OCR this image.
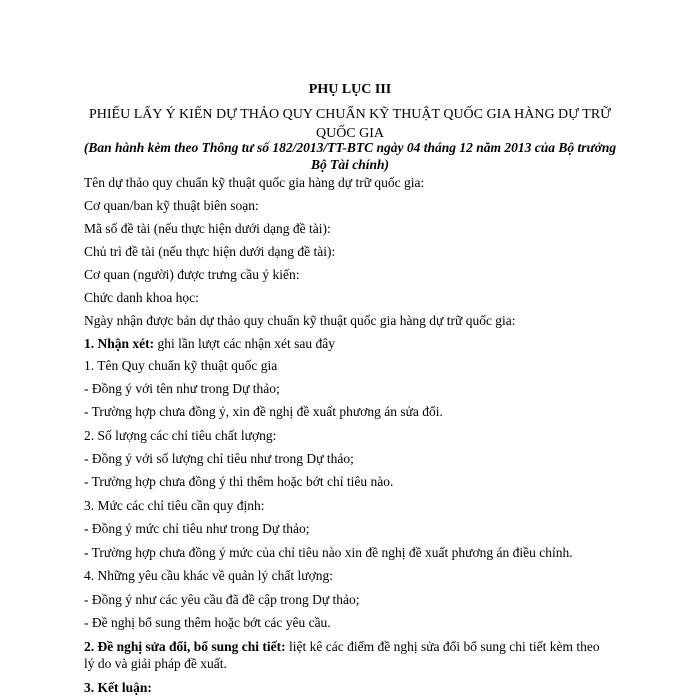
PHỤ LỤC III
PHIẾU LẤY Ý KIẾN DỰ THẢO QUY CHUẨN KỸ THUẬT QUỐC GIA HÀNG DỰ TRỮ
QUỐC GIA
(Ban hành kèm theo Thông tư số 182/2013/TT-BTC ngày 04 tháng 12 năm 2013 của Bộ trưởng
Bộ Tài chính)
Tên dự thảo quy chuẩn kỹ thuật quốc gia hàng dự trữ quốc gia:
Cơ quan/ban kỹ thuật biên soạn:
Mã số đề tài (nếu thực hiện dưới dạng đề tài):
Chủ trì đề tài (nếu thực hiện dưới dạng đề tài):
Cơ quan (người) được trưng cầu ý kiến:
Chức danh khoa học:
Ngày nhận được bản dự thảo quy chuẩn kỹ thuật quốc gia hàng dự trữ quốc gia:
1. Nhận xét: ghi lần lượt các nhận xét sau đây
1. Tên Quy chuẩn kỹ thuật quốc gia
- Đồng ý với tên như trong Dự thảo;
- Trường hợp chưa đồng ý, xin đề nghị đề xuất phương án sửa đổi.
2. Số lượng các chỉ tiêu chất lượng:
- Đồng ý với số lượng chỉ tiêu như trong Dự thảo;
- Trường hợp chưa đồng ý thì thêm hoặc bớt chỉ tiêu nào.
3. Mức các chỉ tiêu cần quy định:
- Đồng ý mức chỉ tiêu như trong Dự thảo;
- Trường hợp chưa đồng ý mức của chỉ tiêu nào xin đề nghị đề xuất phương án điều chỉnh.
4. Những yêu cầu khác về quản lý chất lượng:
- Đồng ý như các yêu cầu đã đề cập trong Dự thảo;
- Đề nghị bổ sung thêm hoặc bớt các yêu cầu.
2. Đề nghị sửa đổi, bổ sung chi tiết: liệt kê các điểm đề nghị sửa đổi bổ sung chi tiết kèm theo
lý do và giải pháp đề xuất.
3. Kết luận:
